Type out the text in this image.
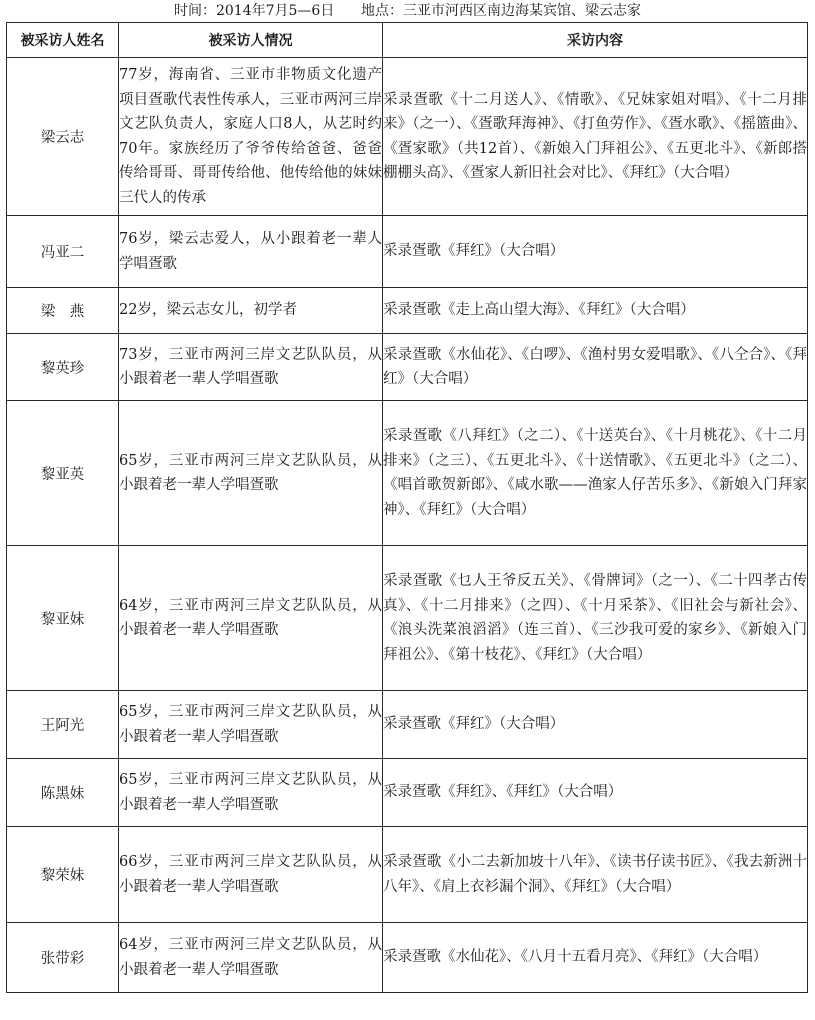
时间：2014年7月5—6日 地点：三亚市河西区南边海某宾馆、梁云志家
被采访人姓名	被采访人情况	采访内容
梁云志	77岁，海南省、三亚市非物质文化遗产项目疍歌代表性传承人，三亚市两河三岸文艺队负责人，家庭人口8人，从艺时约70年。家族经历了爷爷传给爸爸、爸爸传给哥哥、哥哥传给他、他传给他的妹妹三代人的传承	采录疍歌《十二月送人》、《情歌》、《兄妹家姐对唱》、《十二月排来》（之一）、《疍歌拜海神》、《打鱼劳作》、《疍水歌》、《摇篮曲》、《疍家歌》（共12首）、《新娘入门拜祖公》、《五更北斗》、《新郎搭棚棚头高》、《疍家人新旧社会对比》、《拜红》（大合唱）

冯亚二	76岁，梁云志爱人，从小跟着老一辈人学唱疍歌	采录疍歌《拜红》（大合唱）

梁　燕	22岁，梁云志女儿，初学者	采录疍歌《走上高山望大海》、《拜红》（大合唱）

黎英珍	73岁，三亚市两河三岸文艺队队员，从小跟着老一辈人学唱疍歌	采录疍歌《水仙花》、《白啰》、《渔村男女爱唱歌》、《八仝合》、《拜红》（大合唱）

黎亚英	65岁，三亚市两河三岸文艺队队员，从小跟着老一辈人学唱疍歌	采录疍歌《八拜红》（之二）、《十送英台》、《十月桃花》、《十二月排来》（之三）、《五更北斗》、《十送情歌》、《五更北斗》（之二）、《唱首歌贺新郎》、《咸水歌——渔家人仔苦乐多》、《新娘入门拜家神》、《拜红》（大合唱）

黎亚妹	64岁，三亚市两河三岸文艺队队员，从小跟着老一辈人学唱疍歌	采录疍歌《乜人王爷反五关》、《骨牌词》（之一）、《二十四孝古传真》、《十二月排来》（之四）、《十月采茶》、《旧社会与新社会》、《浪头洗菜浪滔滔》（连三首）、《三沙我可爱的家乡》、《新娘入门拜祖公》、《第十枝花》、《拜红》（大合唱）

王阿光	65岁，三亚市两河三岸文艺队队员，从小跟着老一辈人学唱疍歌	采录疍歌《拜红》（大合唱）

陈黑妹	65岁，三亚市两河三岸文艺队队员，从小跟着老一辈人学唱疍歌	采录疍歌《拜红》、《拜红》（大合唱）

黎荣妹	66岁，三亚市两河三岸文艺队队员，从小跟着老一辈人学唱疍歌	采录疍歌《小二去新加坡十八年》、《读书仔读书匠》、《我去新洲十八年》、《肩上衣衫漏个洞》、《拜红》（大合唱）

张带彩	64岁，三亚市两河三岸文艺队队员，从小跟着老一辈人学唱疍歌	采录疍歌《水仙花》、《八月十五看月亮》、《拜红》（大合唱）
